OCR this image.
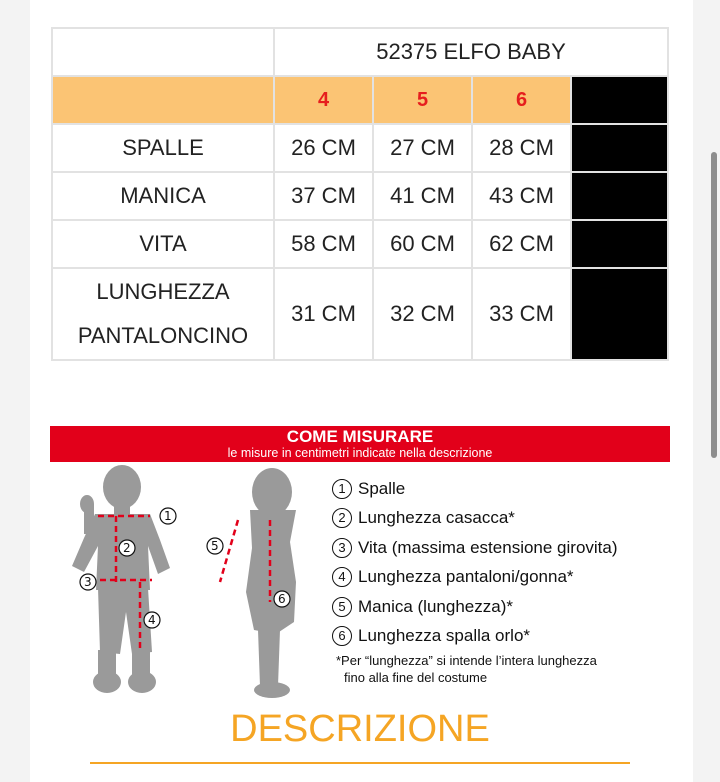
	52375 ELFO BABY			
	4	5	6	
SPALLE	26 CM	27 CM	28 CM	
MANICA	37 CM	41 CM	43 CM	
VITA	58 CM	60 CM	62 CM	
LUNGHEZZA
PANTALONCINO	31 CM	32 CM	33 CM	
COME MISURARE
le misure in centimetri indicate nella descrizione
1
2
3
4
5
6
1 Spalle
2 Lunghezza casacca*
3 Vita (massima estensione girovita)
4 Lunghezza pantaloni/gonna*
5 Manica (lunghezza)*
6 Lunghezza spalla orlo*
*Per “lunghezza” si intende l’intera lunghezza
fino alla fine del costume
DESCRIZIONE
